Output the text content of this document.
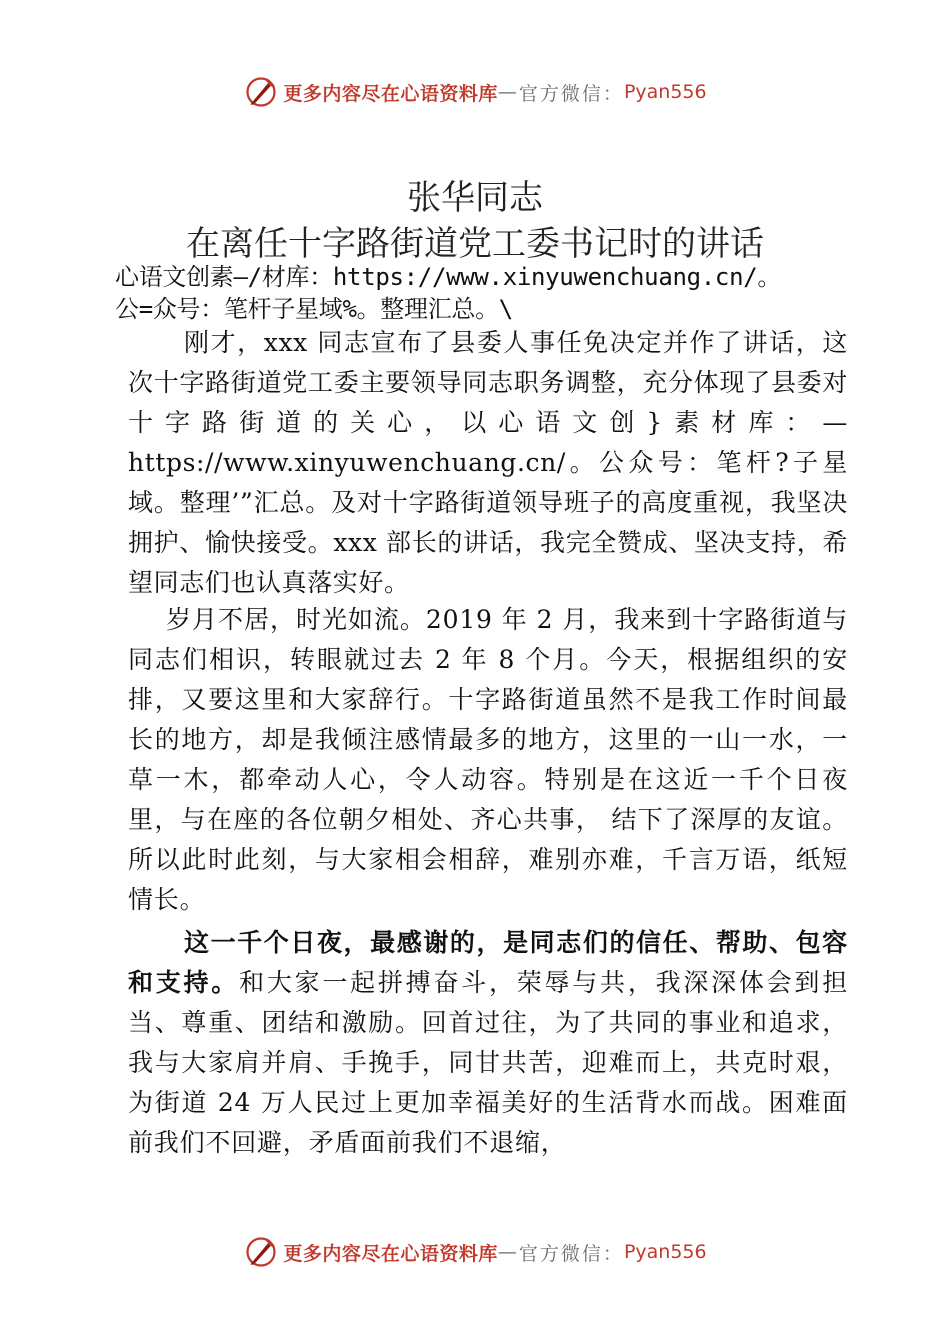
更多内容尽在心语资料库 — 官方微信： Pyan556
张华同志
在离任十字路街道党工委书记时的讲话
心语文创素—/材库：https://www.xinyuwenchuang.cn/。
公=众号：笔杆子星域%。整理汇总。\

刚才，xxx 同志宣布了县委人事任免决定并作了讲话，这次十字路街道党工委主要领导同志职务调整，充分体现了县委对十字路街道的关心，以心语文创}素材库：—https://www.xinyuwenchuang.cn/。公众号：笔杆?子星域。整理’”汇总。及对十字路街道领导班子的高度重视，我坚决拥护、愉快接受。xxx 部长的讲话，我完全赞成、坚决支持，希望同志们也认真落实好。

岁月不居，时光如流。2019 年 2 月，我来到十字路街道与同志们相识，转眼就过去 2 年 8 个月。今天，根据组织的安排，又要这里和大家辞行。十字路街道虽然不是我工作时间最长的地方，却是我倾注感情最多的地方，这里的一山一水，一草一木，都牵动人心，令人动容。特别是在这近一千个日夜里，与在座的各位朝夕相处、齐心共事， 结下了深厚的友谊。所以此时此刻，与大家相会相辞，难别亦难，千言万语，纸短情长。

这一千个日夜，最感谢的，是同志们的信任、帮助、包容和支持。和大家一起拼搏奋斗，荣辱与共，我深深体会到担当、尊重、团结和激励。回首过往，为了共同的事业和追求，我与大家肩并肩、手挽手，同甘共苦，迎难而上，共克时艰，为街道 24 万人民过上更加幸福美好的生活背水而战。困难面前我们不回避，矛盾面前我们不退缩，

更多内容尽在心语资料库 — 官方微信： Pyan556
